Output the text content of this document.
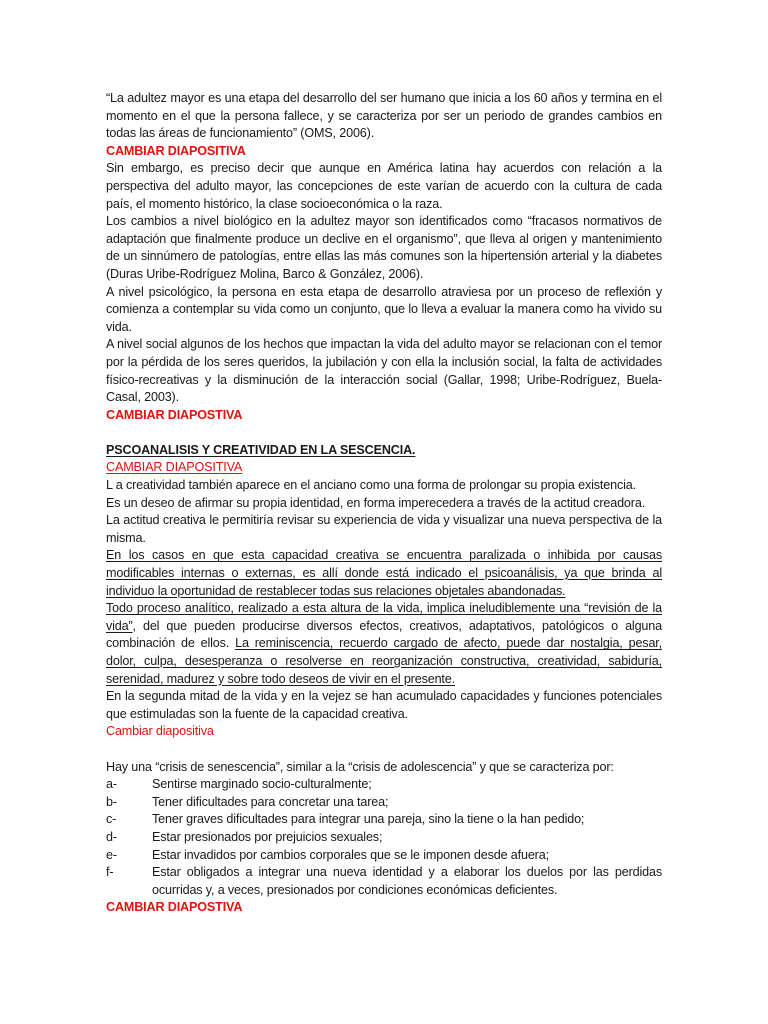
“La adultez mayor es una etapa del desarrollo del ser humano que inicia a los 60 años y termina en el momento en el que la persona fallece, y se caracteriza por ser un periodo de grandes cambios en todas las áreas de funcionamiento” (OMS, 2006).

CAMBIAR DIAPOSITIVA

Sin embargo, es preciso decir que aunque en América latina hay acuerdos con relación a la perspectiva del adulto mayor, las concepciones de este varían de acuerdo con la cultura de cada país, el momento histórico, la clase socioeconómica o la raza.

Los cambios a nivel biológico en la adultez mayor son identificados como “fracasos normativos de adaptación que finalmente produce un declive en el organismo”, que lleva al origen y mantenimiento de un sinnúmero de patologías, entre ellas las más comunes son la hipertensión arterial y la diabetes (Duras Uribe-Rodríguez Molina, Barco & González, 2006).

A nivel psicológico, la persona en esta etapa de desarrollo atraviesa por un proceso de reflexión y comienza a contemplar su vida como un conjunto, que lo lleva a evaluar la manera como ha vivido su vida.

A nivel social algunos de los hechos que impactan la vida del adulto mayor se relacionan con el temor por la pérdida de los seres queridos, la jubilación y con ella la inclusión social, la falta de actividades físico-recreativas y la disminución de la interacción social (Gallar, 1998; Uribe-Rodríguez, Buela-Casal, 2003).

CAMBIAR DIAPOSTIVA

PSCOANALISIS Y CREATIVIDAD EN LA SESCENCIA.

CAMBIAR DIAPOSITIVA

L a creatividad también aparece en el anciano como una forma de prolongar su propia existencia.

Es un deseo de afirmar su propia identidad, en forma imperecedera a través de la actitud creadora.

La actitud creativa le permitiría revisar su experiencia de vida y visualizar una nueva perspectiva de la misma.

En los casos en que esta capacidad creativa se encuentra paralizada o inhibida por causas modificables internas o externas, es allí donde está indicado el psicoanálisis, ya que brinda al individuo la oportunidad de restablecer todas sus relaciones objetales abandonadas.

Todo proceso analítico, realizado a esta altura de la vida, implica ineludiblemente una “revisión de la vida”, del que pueden producirse diversos efectos, creativos, adaptativos, patológicos o alguna combinación de ellos. La reminiscencia, recuerdo cargado de afecto, puede dar nostalgia, pesar, dolor, culpa, desesperanza o resolverse en reorganización constructiva, creatividad, sabiduría, serenidad, madurez y sobre todo deseos de vivir en el presente.

En la segunda mitad de la vida y en la vejez se han acumulado capacidades y funciones potenciales que estimuladas son la fuente de la capacidad creativa.

Cambiar diapositiva

Hay una “crisis de senescencia”, similar a la “crisis de adolescencia” y que se caracteriza por:

a-	Sentirse marginado socio-culturalmente;
b-	Tener dificultades para concretar una tarea;
c-	Tener graves dificultades para integrar una pareja, sino la tiene o la han pedido;
d-	Estar presionados por prejuicios sexuales;
e-	Estar invadidos por cambios corporales que se le imponen desde afuera;
f-	Estar obligados a integrar una nueva identidad y a elaborar los duelos por las perdidas ocurridas y, a veces, presionados por condiciones económicas deficientes.

CAMBIAR DIAPOSTIVA
